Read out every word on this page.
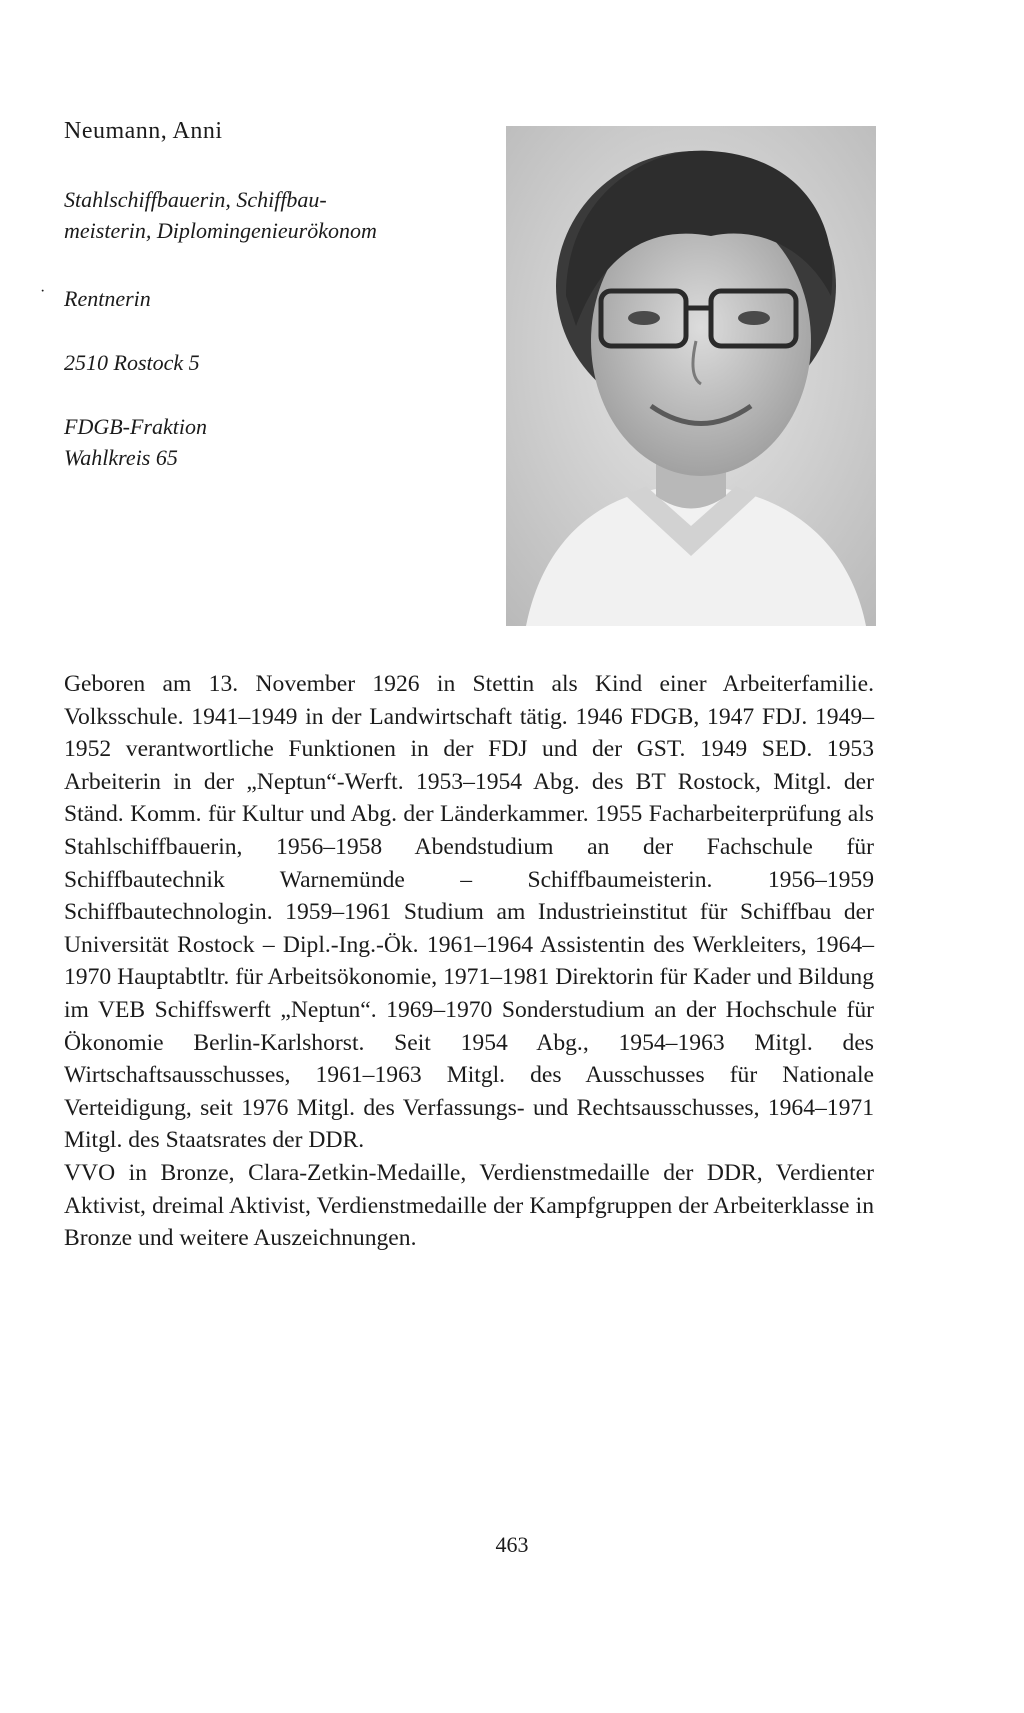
Neumann, Anni
Stahlschiffbauerin, Schiffbau-
meisterin, Diplomingenieurökonom
· Rentnerin
2510 Rostock 5
FDGB-Fraktion
Wahlkreis 65

Geboren am 13. November 1926 in Stettin als Kind einer Arbeiterfamilie. Volksschule. 1941–1949 in der Landwirtschaft tätig. 1946 FDGB, 1947 FDJ. 1949–1952 verantwortliche Funktionen in der FDJ und der GST. 1949 SED. 1953 Arbeiterin in der „Neptun“-Werft. 1953–1954 Abg. des BT Rostock, Mitgl. der Ständ. Komm. für Kultur und Abg. der Länderkammer. 1955 Facharbeiterprüfung als Stahlschiffbauerin, 1956–1958 Abendstudium an der Fachschule für Schiffbautechnik Warnemünde – Schiffbaumeisterin. 1956–1959 Schiffbautechnologin. 1959–1961 Studium am Industrieinstitut für Schiffbau der Universität Rostock – Dipl.-Ing.-Ök. 1961–1964 Assistentin des Werkleiters, 1964–1970 Hauptabtltr. für Arbeitsökonomie, 1971–1981 Direktorin für Kader und Bildung im VEB Schiffswerft „Neptun“. 1969–1970 Sonderstudium an der Hochschule für Ökonomie Berlin-Karlshorst. Seit 1954 Abg., 1954–1963 Mitgl. des Wirtschaftsausschusses, 1961–1963 Mitgl. des Ausschusses für Nationale Verteidigung, seit 1976 Mitgl. des Verfassungs- und Rechtsausschusses, 1964–1971 Mitgl. des Staatsrates der DDR.

VVO in Bronze, Clara-Zetkin-Medaille, Verdienstmedaille der DDR, Verdienter Aktivist, dreimal Aktivist, Verdienstmedaille der Kampfgruppen der Arbeiterklasse in Bronze und weitere Auszeichnungen.

463
